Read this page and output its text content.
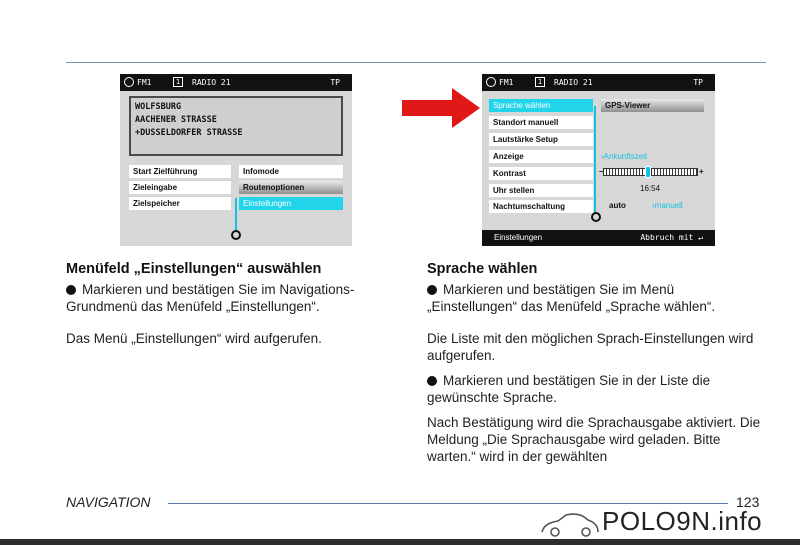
FM1	1	RADIO 21	TP
WOLFSBURG
AACHENER STRASSE
+DUSSELDORFER STRASSE
Start Zielführung
Zieleingabe
Zielspeicher
Infomode
Routenoptionen
Einstellungen
FM1	1	RADIO 21	TP
Sprache wählen
Standort manuell
Lautstärke Setup
Anzeige
Kontrast
Uhr stellen
Nachtumschaltung
GPS-Viewer
›Ankunftszeit
–	+
16:54
auto	›manuell
Einstellungen	Abbruch mit ↵
Menüfeld „Einstellungen“ auswählen

Markieren und bestätigen Sie im Navigations-Grundmenü das Menüfeld „Einstellungen“.

Das Menü „Einstellungen“ wird aufgerufen.

Sprache wählen

Markieren und bestätigen Sie im Menü „Einstellungen“ das Menüfeld „Sprache wählen“.

Die Liste mit den möglichen Sprach-Einstellungen wird aufgerufen.

Markieren und bestätigen Sie in der Liste die gewünschte Sprache.

Nach Bestätigung wird die Sprachausgabe aktiviert. Die Meldung „Die Sprachausgabe wird geladen. Bitte warten.“ wird in der gewählten

NAVIGATION	123
POLO9N.info
